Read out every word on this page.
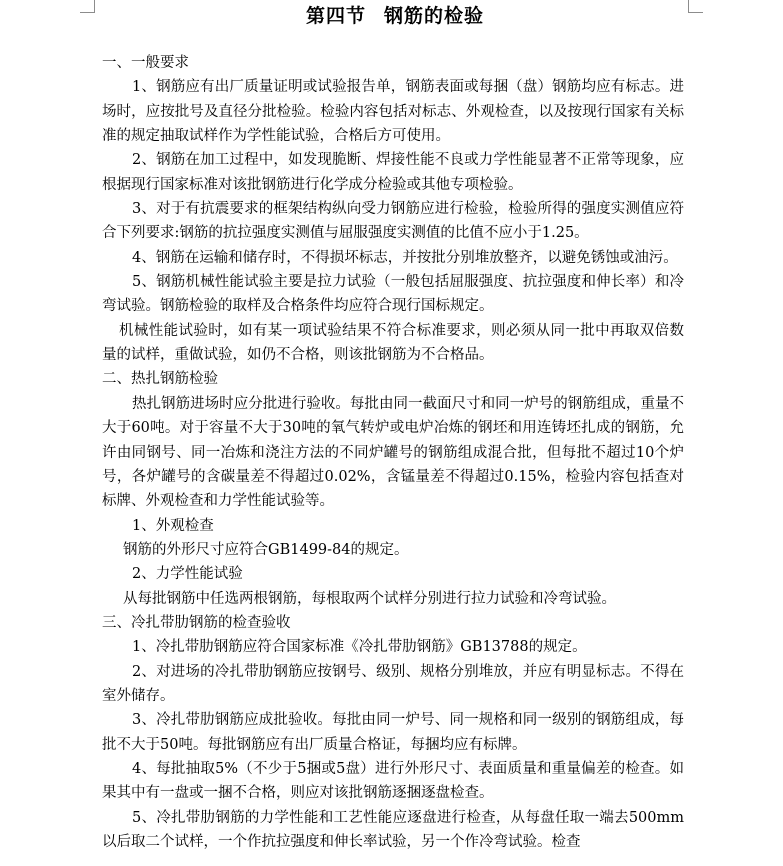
第四节 钢筋的检验

一、一般要求

1、钢筋应有出厂质量证明或试验报告单，钢筋表面或每捆（盘）钢筋均应有标志。进场时，应按批号及直径分批检验。检验内容包括对标志、外观检查，以及按现行国家有关标准的规定抽取试样作为学性能试验，合格后方可使用。

2、钢筋在加工过程中，如发现脆断、焊接性能不良或力学性能显著不正常等现象，应根据现行国家标准对该批钢筋进行化学成分检验或其他专项检验。

3、对于有抗震要求的框架结构纵向受力钢筋应进行检验，检验所得的强度实测值应符合下列要求:钢筋的抗拉强度实测值与屈服强度实测值的比值不应小于1.25。

4、钢筋在运输和储存时，不得损坏标志，并按批分别堆放整齐，以避免锈蚀或油污。

5、钢筋机械性能试验主要是拉力试验（一般包括屈服强度、抗拉强度和伸长率）和冷弯试验。钢筋检验的取样及合格条件均应符合现行国标规定。

机械性能试验时，如有某一项试验结果不符合标准要求，则必须从同一批中再取双倍数量的试样，重做试验，如仍不合格，则该批钢筋为不合格品。

二、热扎钢筋检验

热扎钢筋进场时应分批进行验收。每批由同一截面尺寸和同一炉号的钢筋组成，重量不大于60吨。对于容量不大于30吨的氧气转炉或电炉冶炼的钢坯和用连铸坯扎成的钢筋，允许由同钢号、同一冶炼和浇注方法的不同炉罐号的钢筋组成混合批，但每批不超过10个炉号，各炉罐号的含碳量差不得超过0.02%，含锰量差不得超过0.15%，检验内容包括查对标牌、外观检查和力学性能试验等。

1、外观检查

钢筋的外形尺寸应符合GB1499-84的规定。

2、力学性能试验

从每批钢筋中任选两根钢筋，每根取两个试样分别进行拉力试验和冷弯试验。

三、冷扎带肋钢筋的检查验收

1、冷扎带肋钢筋应符合国家标准《冷扎带肋钢筋》GB13788的规定。

2、对进场的冷扎带肋钢筋应按钢号、级别、规格分别堆放，并应有明显标志。不得在室外储存。

3、冷扎带肋钢筋应成批验收。每批由同一炉号、同一规格和同一级别的钢筋组成，每批不大于50吨。每批钢筋应有出厂质量合格证，每捆均应有标牌。

4、每批抽取5%（不少于5捆或5盘）进行外形尺寸、表面质量和重量偏差的检查。如果其中有一盘或一捆不合格，则应对该批钢筋逐捆逐盘检查。

5、冷扎带肋钢筋的力学性能和工艺性能应逐盘进行检查，从每盘任取一端去500mm以后取二个试样，一个作抗拉强度和伸长率试验，另一个作冷弯试验。检查
